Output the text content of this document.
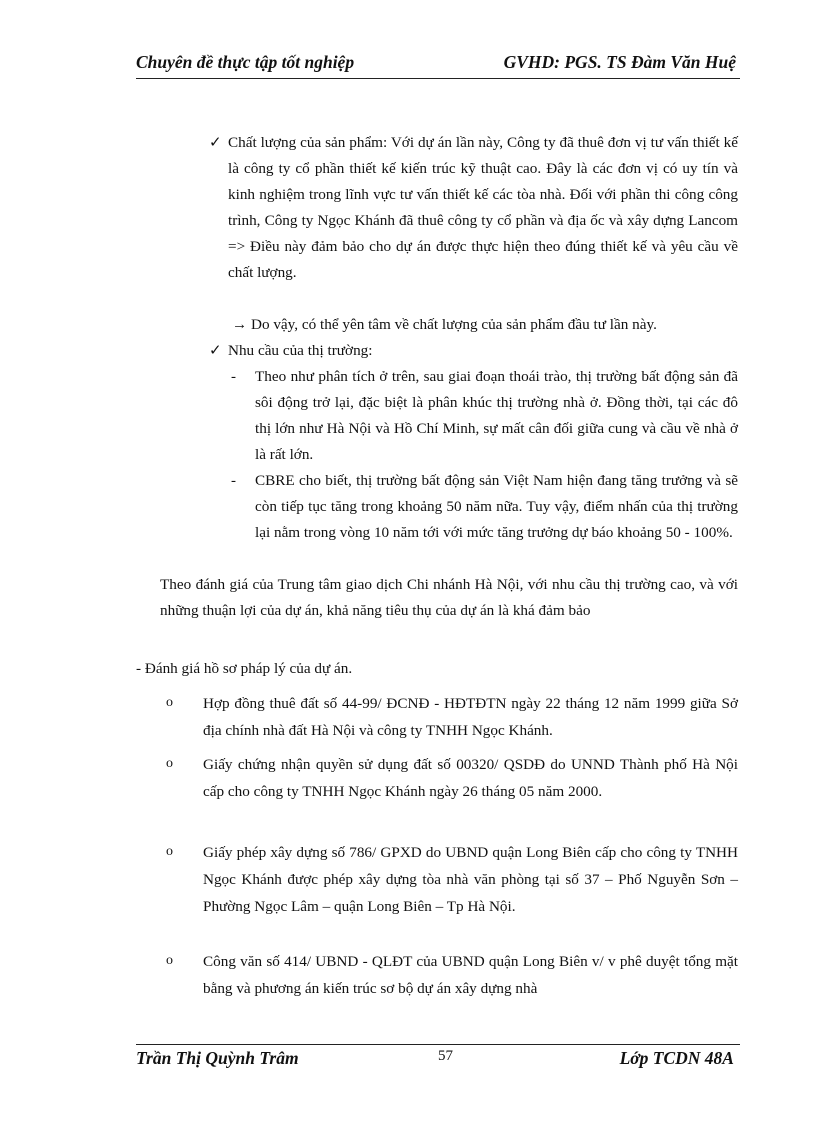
Chuyên đề thực tập tốt nghiệp	GVHD: PGS. TS Đàm Văn Huệ
✓ Chất lượng của sản phẩm: Với dự án lần này, Công ty đã thuê đơn vị tư vấn thiết kế là công ty cổ phần thiết kế kiến trúc kỹ thuật cao. Đây là các đơn vị có uy tín và kinh nghiệm trong lĩnh vực tư vấn thiết kế các tòa nhà. Đối với phần thi công công trình, Công ty Ngọc Khánh đã thuê công ty cổ phần và địa ốc và xây dựng Lancom => Điều này đảm bảo cho dự án được thực hiện theo đúng thiết kế và yêu cầu về chất lượng.

→ Do vậy, có thể yên tâm về chất lượng của sản phẩm đầu tư lần này.

✓ Nhu cầu của thị trường:

- Theo như phân tích ở trên, sau giai đoạn thoái trào, thị trường bất động sản đã sôi động trở lại, đặc biệt là phân khúc thị trường nhà ở. Đồng thời, tại các đô thị lớn như Hà Nội và Hồ Chí Minh, sự mất cân đối giữa cung và cầu về nhà ở là rất lớn.

- CBRE cho biết, thị trường bất động sản Việt Nam hiện đang tăng trưởng và sẽ còn tiếp tục tăng trong khoảng 50 năm nữa. Tuy vậy, điểm nhấn của thị trường lại nằm trong vòng 10 năm tới với mức tăng trưởng dự báo khoảng 50 - 100%.

Theo đánh giá của Trung tâm giao dịch Chi nhánh Hà Nội, với nhu cầu thị trường cao, và với những thuận lợi của dự án, khả năng tiêu thụ của dự án là khá đảm bảo

- Đánh giá hồ sơ pháp lý của dự án.

o Hợp đồng thuê đất số 44-99/ ĐCNĐ - HĐTĐTN ngày 22 tháng 12 năm 1999 giữa Sở địa chính nhà đất Hà Nội và công ty TNHH Ngọc Khánh.

o Giấy chứng nhận quyền sử dụng đất số 00320/ QSDĐ do UNND Thành phố Hà Nội cấp cho công ty TNHH Ngọc Khánh ngày 26 tháng 05 năm 2000.

o Giấy phép xây dựng số 786/ GPXD do UBND quận Long Biên cấp cho công ty TNHH Ngọc Khánh được phép xây dựng tòa nhà văn phòng tại số 37 – Phố Nguyễn Sơn – Phường Ngọc Lâm – quận Long Biên – Tp Hà Nội.

o Công văn số 414/ UBND - QLĐT của UBND quận Long Biên v/ v phê duyệt tổng mặt bằng và phương án kiến trúc sơ bộ dự án xây dựng nhà

Trần Thị Quỳnh Trâm	57	Lớp TCDN 48A
